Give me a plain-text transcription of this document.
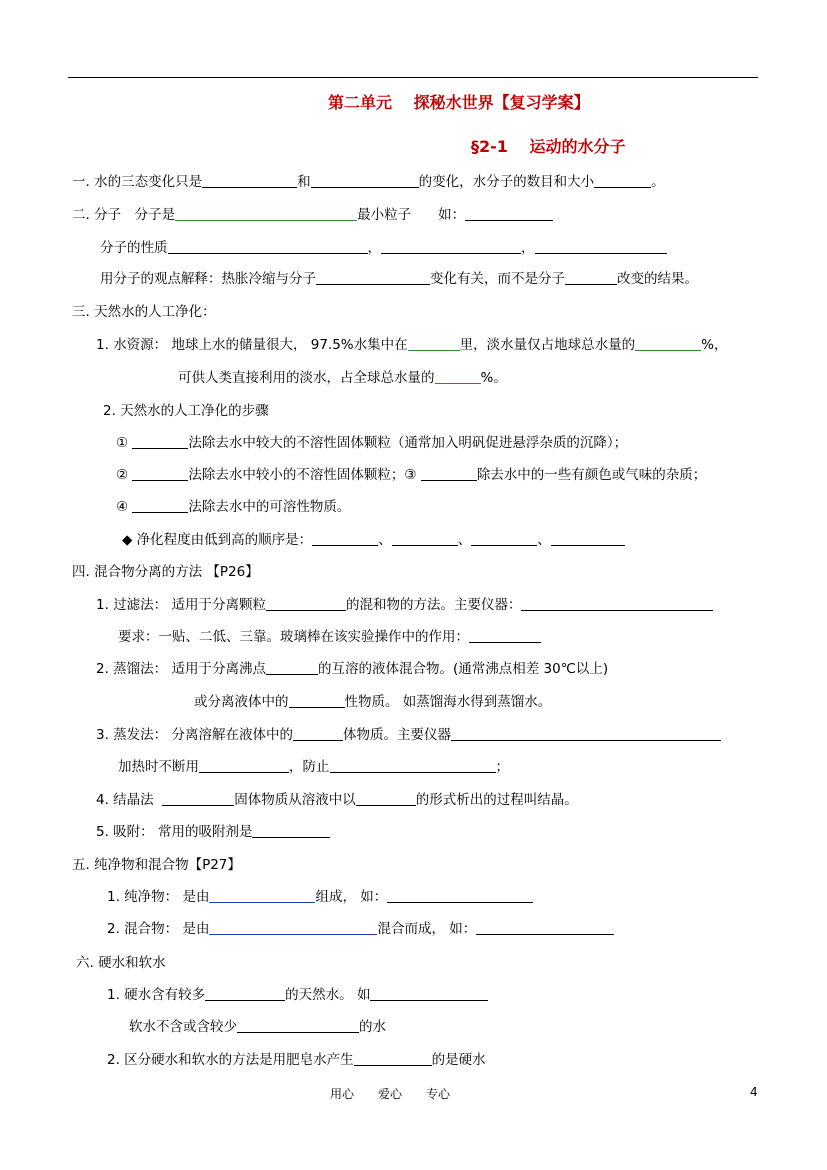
第二单元　 探秘水世界【复习学案】
§2-1　 运动的水分子
一. 水的三态变化只是	和	的变化，水分子的数目和大小	。
二. 分子　分子是	最小粒子　　如：
分子的性质	，	，
用分子的观点解释：热胀冷缩与分子	变化有关，而不是分子	改变的结果。
三. 天然水的人工净化：
1. 水资源： 地球上水的储量很大， 97.5%水集中在	里，淡水量仅占地球总水量的	%，
可供人类直接利用的淡水，占全球总水量的	%。
2. 天然水的人工净化的步骤
①	法除去水中较大的不溶性固体颗粒（通常加入明矾促进悬浮杂质的沉降）；
②	法除去水中较小的不溶性固体颗粒；③	除去水中的一些有颜色或气味的杂质；
④	法除去水中的可溶性物质。
◆ 净化程度由低到高的顺序是：	、	、	、
四. 混合物分离的方法 【P26】
1. 过滤法： 适用于分离颗粒	的混和物的方法。主要仪器：
要求：一贴、二低、三靠。玻璃棒在该实验操作中的作用：
2. 蒸馏法： 适用于分离沸点	的互溶的液体混合物。(通常沸点相差 30℃以上)
或分离液体中的	性物质。 如蒸馏海水得到蒸馏水。
3. 蒸发法： 分离溶解在液体中的	体物质。主要仪器
加热时不断用	，防止	；
4. 结晶法	固体物质从溶液中以	的形式析出的过程叫结晶。
5. 吸附： 常用的吸附剂是
五. 纯净物和混合物【P27】
1. 纯净物： 是由	组成， 如：
2. 混合物： 是由	混合而成， 如：
六. 硬水和软水
1. 硬水含有较多	的天然水。 如
软水不含或含较少	的水
2. 区分硬水和软水的方法是用肥皂水产生	的是硬水
用心　　爱心　　专心	4
